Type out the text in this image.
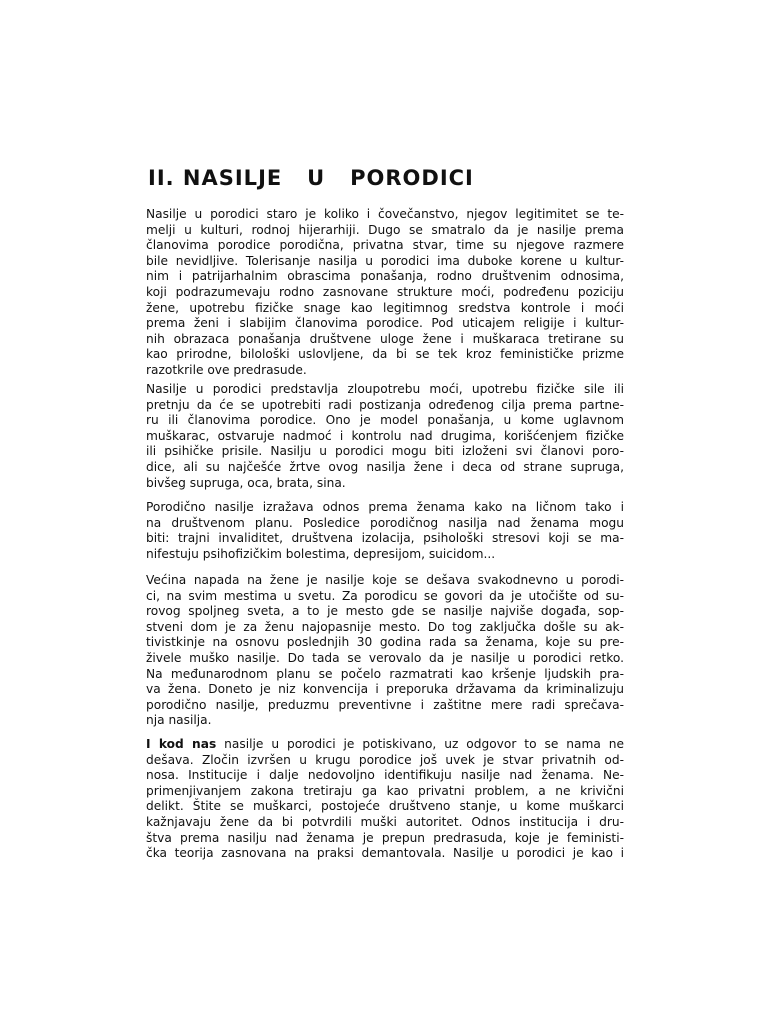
II. NASILJE   U   PORODICI
Nasilje u porodici staro je koliko i čovečanstvo, njegov legitimitet se te-
melji u kulturi, rodnoj hijerarhiji. Dugo se smatralo da je nasilje prema
članovima porodice porodična, privatna stvar, time su njegove razmere
bile nevidljive. Tolerisanje nasilja u porodici ima duboke korene u kultur-
nim i patrijarhalnim obrascima ponašanja, rodno društvenim odnosima,
koji podrazumevaju rodno zasnovane strukture moći, podređenu poziciju
žene, upotrebu fizičke snage kao legitimnog sredstva kontrole i moći
prema ženi i slabijim članovima porodice. Pod uticajem religije i kultur-
nih obrazaca ponašanja društvene uloge žene i muškaraca tretirane su
kao prirodne, bilološki uslovljene, da bi se tek kroz feminističke prizme
razotkrile ove predrasude.
Nasilje u porodici predstavlja zloupotrebu moći, upotrebu fizičke sile ili
pretnju da će se upotrebiti radi postizanja određenog cilja prema partne-
ru ili članovima porodice. Ono je model ponašanja, u kome uglavnom
muškarac, ostvaruje nadmoć i kontrolu nad drugima, korišćenjem fizičke
ili psihičke prisile. Nasilju u porodici mogu biti izloženi svi članovi poro-
dice, ali su najčešće žrtve ovog nasilja žene i deca od strane supruga,
bivšeg supruga, oca, brata, sina.
Porodično nasilje izražava odnos prema ženama kako na ličnom tako i
na društvenom planu. Posledice porodičnog nasilja nad ženama mogu
biti: trajni invaliditet, društvena izolacija, psihološki stresovi koji se ma-
nifestuju psihofizičkim bolestima, depresijom, suicidom...
Većina napada na žene je nasilje koje se dešava svakodnevno u porodi-
ci, na svim mestima u svetu. Za porodicu se govori da je utočište od su-
rovog spoljneg sveta, a to je mesto gde se nasilje najviše događa, sop-
stveni dom je za ženu najopasnije mesto. Do tog zaključka došle su ak-
tivistkinje na osnovu poslednjih 30 godina rada sa ženama, koje su pre-
živele muško nasilje. Do tada se verovalo da je nasilje u porodici retko.
Na međunarodnom planu se počelo razmatrati kao kršenje ljudskih pra-
va žena. Doneto je niz konvencija i preporuka državama da kriminalizuju
porodično nasilje, preduzmu preventivne i zaštitne mere radi sprečava-
nja nasilja.
I kod nas nasilje u porodici je potiskivano, uz odgovor to se nama ne
dešava. Zločin izvršen u krugu porodice još uvek je stvar privatnih od-
nosa. Institucije i dalje nedovoljno identifikuju nasilje nad ženama. Ne-
primenjivanjem zakona tretiraju ga kao privatni problem, a ne krivični
delikt. Štite se muškarci, postojeće društveno stanje, u kome muškarci
kažnjavaju žene da bi potvrdili muški autoritet. Odnos institucija i dru-
štva prema nasilju nad ženama je prepun predrasuda, koje je feministi-
čka teorija zasnovana na praksi demantovala. Nasilje u porodici je kao i
